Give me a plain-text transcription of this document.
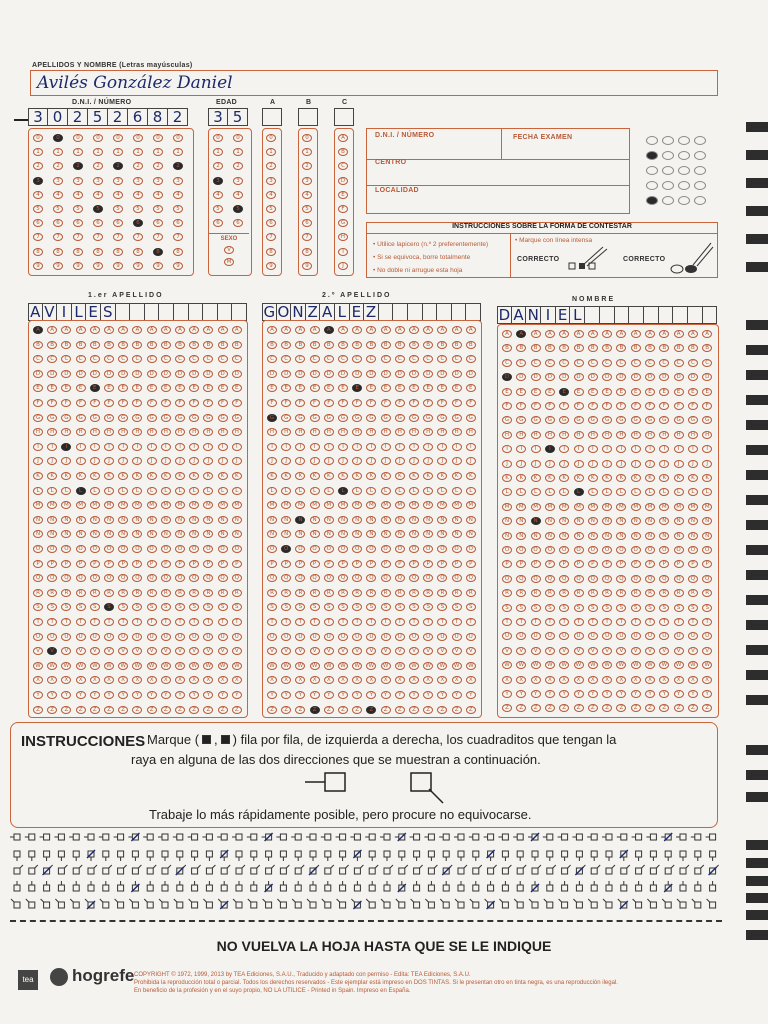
APELLIDOS Y NOMBRE (Letras mayúsculas)
Avilés González Daniel
D.N.I. / NÚMERO
3 0 2 5 2 6 8 2
0	0	0	0	0	0	0	0
1	1	1	1	1	1	1	1
2	2	2	2	2	2	2	2
3	3	3	3	3	3	3	3
4	4	4	4	4	4	4	4
5	5	5	5	5	5	5	5
6	6	6	6	6	6	6	6
7	7	7	7	7	7	7	7
8	8	8	8	8	8	8	8
9	9	9	9	9	9	9	9
EDAD
3 5
0	0
1	1
2	2
3	3
4	4
5	5
6	6
SEXO
V
M
A
0
1
2
3
4
5
6
7
8
9
B
0
1
2
3
4
5
6
7
8
9
C
A
B
C
D
E
F
G
H
I
J
D.N.I. / NÚMERO	FECHA EXAMEN
CENTRO
LOCALIDAD
INSTRUCCIONES SOBRE LA FORMA DE CONTESTAR
• Utilice lapicero (n.º 2 preferentemente)
• Si se equivoca, borre totalmente
• No doble ni arrugue esta hoja
• Marque con línea intensa
CORRECTO	CORRECTO
1.er APELLIDO	2.º APELLIDO
NOMBRE
A V I L E S	G O N Z A L E Z	D A N I E L
A	A	A	A	A	A	A	A	A	A	A	A	A	A	A
B	B	B	B	B	B	B	B	B	B	B	B	B	B	B
C	C	C	C	C	C	C	C	C	C	C	C	C	C	C
D	D	D	D	D	D	D	D	D	D	D	D	D	D	D
E	E	E	E	E	E	E	E	E	E	E	E	E	E	E
F	F	F	F	F	F	F	F	F	F	F	F	F	F	F
G	G	G	G	G	G	G	G	G	G	G	G	G	G	G
H	H	H	H	H	H	H	H	H	H	H	H	H	H	H
I	I	I	I	I	I	I	I	I	I	I	I	I	I	I
J	J	J	J	J	J	J	J	J	J	J	J	J	J	J
K	K	K	K	K	K	K	K	K	K	K	K	K	K	K
L	L	L	L	L	L	L	L	L	L	L	L	L	L	L
M	M	M	M	M	M	M	M	M	M	M	M	M	M	M
N	N	N	N	N	N	N	N	N	N	N	N	N	N	N
Ñ	Ñ	Ñ	Ñ	Ñ	Ñ	Ñ	Ñ	Ñ	Ñ	Ñ	Ñ	Ñ	Ñ	Ñ
O	O	O	O	O	O	O	O	O	O	O	O	O	O	O
P	P	P	P	P	P	P	P	P	P	P	P	P	P	P
Q	Q	Q	Q	Q	Q	Q	Q	Q	Q	Q	Q	Q	Q	Q
R	R	R	R	R	R	R	R	R	R	R	R	R	R	R
S	S	S	S	S	S	S	S	S	S	S	S	S	S	S
T	T	T	T	T	T	T	T	T	T	T	T	T	T	T
U	U	U	U	U	U	U	U	U	U	U	U	U	U	U
V	V	V	V	V	V	V	V	V	V	V	V	V	V	V
W	W	W	W	W	W	W	W	W	W	W	W	W	W	W
X	X	X	X	X	X	X	X	X	X	X	X	X	X	X
Y	Y	Y	Y	Y	Y	Y	Y	Y	Y	Y	Y	Y	Y	Y
Z	Z	Z	Z	Z	Z	Z	Z	Z	Z	Z	Z	Z	Z	Z
A	A	A	A	A	A	A	A	A	A	A	A	A	A	A
B	B	B	B	B	B	B	B	B	B	B	B	B	B	B
C	C	C	C	C	C	C	C	C	C	C	C	C	C	C
D	D	D	D	D	D	D	D	D	D	D	D	D	D	D
E	E	E	E	E	E	E	E	E	E	E	E	E	E	E
F	F	F	F	F	F	F	F	F	F	F	F	F	F	F
G	G	G	G	G	G	G	G	G	G	G	G	G	G	G
H	H	H	H	H	H	H	H	H	H	H	H	H	H	H
I	I	I	I	I	I	I	I	I	I	I	I	I	I	I
J	J	J	J	J	J	J	J	J	J	J	J	J	J	J
K	K	K	K	K	K	K	K	K	K	K	K	K	K	K
L	L	L	L	L	L	L	L	L	L	L	L	L	L	L
M	M	M	M	M	M	M	M	M	M	M	M	M	M	M
N	N	N	N	N	N	N	N	N	N	N	N	N	N	N
Ñ	Ñ	Ñ	Ñ	Ñ	Ñ	Ñ	Ñ	Ñ	Ñ	Ñ	Ñ	Ñ	Ñ	Ñ
O	O	O	O	O	O	O	O	O	O	O	O	O	O	O
P	P	P	P	P	P	P	P	P	P	P	P	P	P	P
Q	Q	Q	Q	Q	Q	Q	Q	Q	Q	Q	Q	Q	Q	Q
R	R	R	R	R	R	R	R	R	R	R	R	R	R	R
S	S	S	S	S	S	S	S	S	S	S	S	S	S	S
T	T	T	T	T	T	T	T	T	T	T	T	T	T	T
U	U	U	U	U	U	U	U	U	U	U	U	U	U	U
V	V	V	V	V	V	V	V	V	V	V	V	V	V	V
W	W	W	W	W	W	W	W	W	W	W	W	W	W	W
X	X	X	X	X	X	X	X	X	X	X	X	X	X	X
Y	Y	Y	Y	Y	Y	Y	Y	Y	Y	Y	Y	Y	Y	Y
Z	Z	Z	Z	Z	Z	Z	Z	Z	Z	Z	Z	Z	Z	Z
A	A	A	A	A	A	A	A	A	A	A	A	A	A	A
B	B	B	B	B	B	B	B	B	B	B	B	B	B	B
C	C	C	C	C	C	C	C	C	C	C	C	C	C	C
D	D	D	D	D	D	D	D	D	D	D	D	D	D	D
E	E	E	E	E	E	E	E	E	E	E	E	E	E	E
F	F	F	F	F	F	F	F	F	F	F	F	F	F	F
G	G	G	G	G	G	G	G	G	G	G	G	G	G	G
H	H	H	H	H	H	H	H	H	H	H	H	H	H	H
I	I	I	I	I	I	I	I	I	I	I	I	I	I	I
J	J	J	J	J	J	J	J	J	J	J	J	J	J	J
K	K	K	K	K	K	K	K	K	K	K	K	K	K	K
L	L	L	L	L	L	L	L	L	L	L	L	L	L	L
M	M	M	M	M	M	M	M	M	M	M	M	M	M	M
N	N	N	N	N	N	N	N	N	N	N	N	N	N	N
Ñ	Ñ	Ñ	Ñ	Ñ	Ñ	Ñ	Ñ	Ñ	Ñ	Ñ	Ñ	Ñ	Ñ	Ñ
O	O	O	O	O	O	O	O	O	O	O	O	O	O	O
P	P	P	P	P	P	P	P	P	P	P	P	P	P	P
Q	Q	Q	Q	Q	Q	Q	Q	Q	Q	Q	Q	Q	Q	Q
R	R	R	R	R	R	R	R	R	R	R	R	R	R	R
S	S	S	S	S	S	S	S	S	S	S	S	S	S	S
T	T	T	T	T	T	T	T	T	T	T	T	T	T	T
U	U	U	U	U	U	U	U	U	U	U	U	U	U	U
V	V	V	V	V	V	V	V	V	V	V	V	V	V	V
W	W	W	W	W	W	W	W	W	W	W	W	W	W	W
X	X	X	X	X	X	X	X	X	X	X	X	X	X	X
Y	Y	Y	Y	Y	Y	Y	Y	Y	Y	Y	Y	Y	Y	Y
Z	Z	Z	Z	Z	Z	Z	Z	Z	Z	Z	Z	Z	Z	Z
INSTRUCCIONES Marque ( , ) fila por fila, de izquierda a derecha, los cuadraditos que tengan la
raya en alguna de las dos direcciones que se muestran a continuación.
Trabaje lo más rápidamente posible, pero procure no equivocarse.
NO VUELVA LA HOJA HASTA QUE SE LE INDIQUE
tea hogrefe COPYRIGHT © 1972, 1999, 2013 by TEA Ediciones, S.A.U., Traducido y adaptado con permiso - Edita: TEA Ediciones, S.A.U.
Prohibida la reproducción total o parcial. Todos los derechos reservados - Este ejemplar está impreso en DOS TINTAS. Si le presentan otro en tinta negra, es una reproducción ilegal.
En beneficio de la profesión y en el suyo propio, NO LA UTILICE - Printed in Spain. Impreso en España.
